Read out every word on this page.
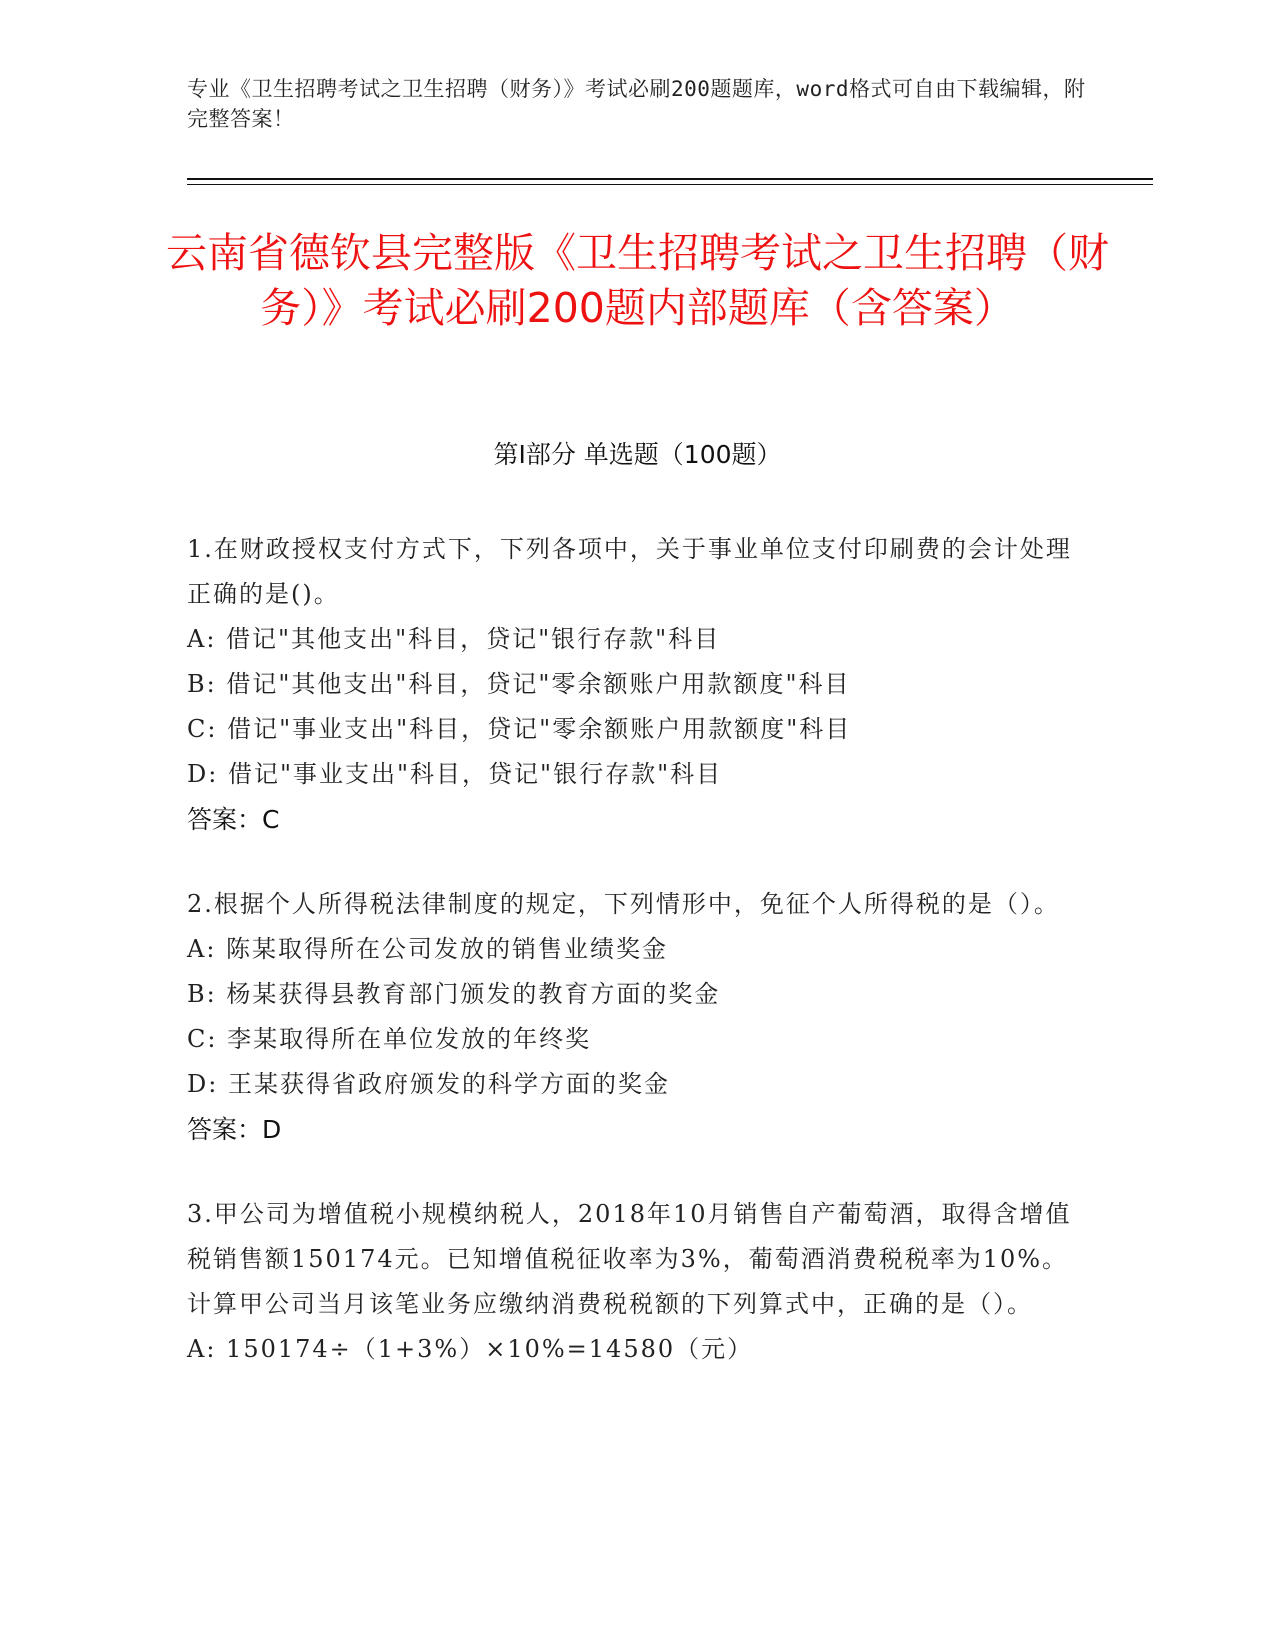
专业《卫生招聘考试之卫生招聘（财务）》考试必刷200题题库，word格式可自由下载编辑，附完整答案！
云南省德钦县完整版《卫生招聘考试之卫生招聘（财务）》考试必刷200题内部题库（含答案）
第I部分 单选题（100题）

1.在财政授权支付方式下，下列各项中，关于事业单位支付印刷费的会计处理正确的是()。

A: 借记"其他支出"科目，贷记"银行存款"科目

B: 借记"其他支出"科目，贷记"零余额账户用款额度"科目

C: 借记"事业支出"科目，贷记"零余额账户用款额度"科目

D: 借记"事业支出"科目，贷记"银行存款"科目

答案：C

2.根据个人所得税法律制度的规定，下列情形中，免征个人所得税的是（）。

A: 陈某取得所在公司发放的销售业绩奖金

B: 杨某获得县教育部门颁发的教育方面的奖金

C: 李某取得所在单位发放的年终奖

D: 王某获得省政府颁发的科学方面的奖金

答案：D

3.甲公司为增值税小规模纳税人，2018年10月销售自产葡萄酒，取得含增值税销售额150174元。已知增值税征收率为3%，葡萄酒消费税税率为10%。计算甲公司当月该笔业务应缴纳消费税税额的下列算式中，正确的是（）。

A: 150174÷（1+3%）×10%=14580（元）
